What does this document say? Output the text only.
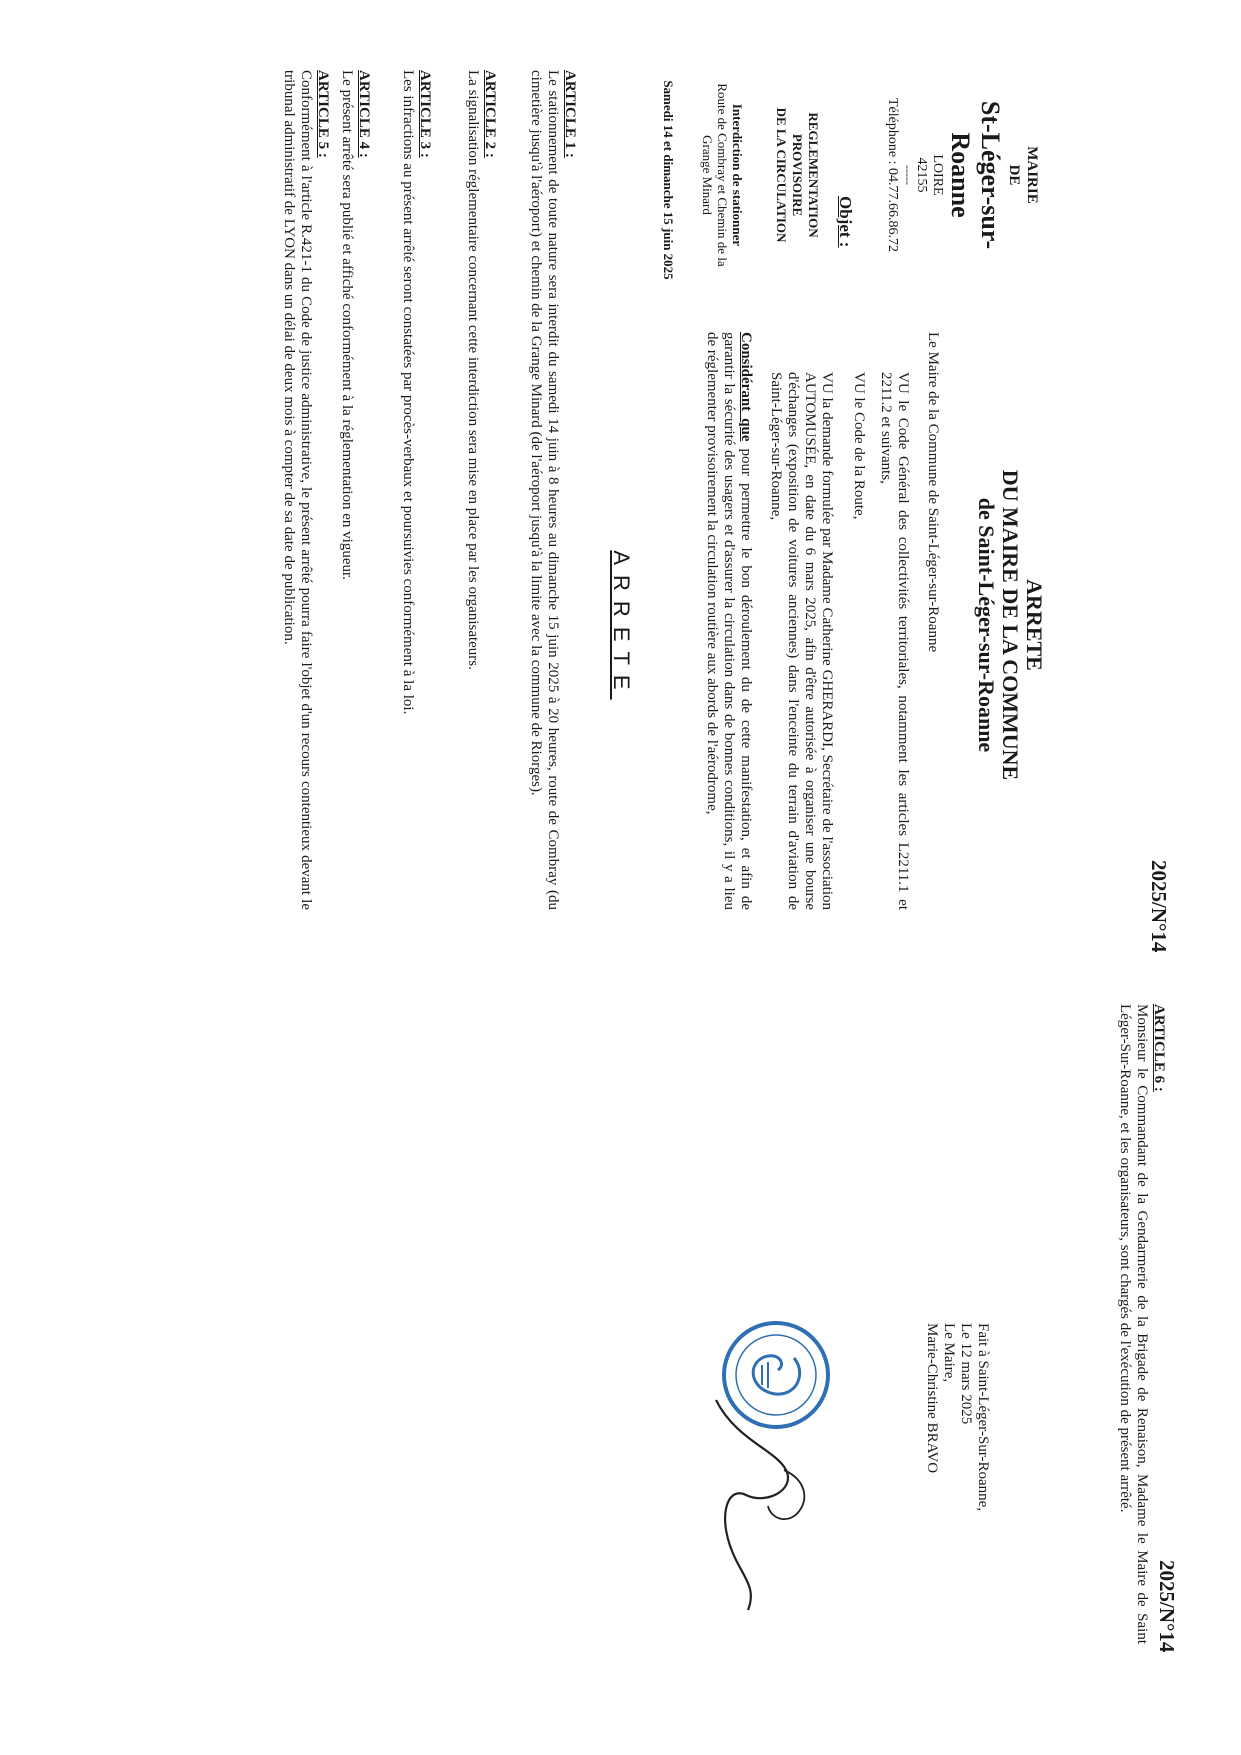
2025/N°14
MAIRIE
DE
St-Léger-sur-Roanne
LOIRE
42155
-----
Téléphone : 04.77.66.86.72
Objet :
REGLEMENTATION
PROVISOIRE
DE LA CIRCULATION
Interdiction de stationner
Route de Combray et Chemin de la
Grange Minard
Samedi 14 et dimanche 15 juin 2025
ARRETE
DU MAIRE DE LA COMMUNE
de Saint-Léger-sur-Roanne
Le Maire de la Commune de Saint-Léger-sur-Roanne
VU le Code Général des collectivités territoriales, notamment les articles L2211.1 et 2211.2 et suivants,
VU le Code de la Route,
VU la demande formulée par Madame Catherine GHERARDI, Secrétaire de l'association AUTOMUSÉE, en date du 6 mars 2025, afin d'être autorisée à organiser une bourse d'échanges (exposition de voitures anciennes) dans l'enceinte du terrain d'aviation de Saint-Léger-sur-Roanne,
Considérant que pour permettre le bon déroulement du de cette manifestation, et afin de garantir la sécurité des usagers et d'assurer la circulation dans de bonnes conditions, il y a lieu de réglementer provisoirement la circulation routière aux abords de l'aérodrome,
ARRETE
ARTICLE 1 :
Le stationnement de toute nature sera interdit du samedi 14 juin à 8 heures au dimanche 15 juin 2025 à 20 heures, route de Combray (du cimetière jusqu'à l'aéroport) et chemin de la Grange Minard (de l'aéroport jusqu'à la limite avec la commune de Riorges).
ARTICLE 2 :
La signalisation réglementaire concernant cette interdiction sera mise en place par les organisateurs.
ARTICLE 3 :
Les infractions au présent arrêté seront constatées par procès-verbaux et poursuivies conformément à la loi.
ARTICLE 4 :
Le présent arrêté sera publié et affiché conformément à la réglementation en vigueur.
ARTICLE 5 :
Conformément à l'article R.421-1 du Code de justice administrative, le présent arrêté pourra faire l'objet d'un recours contentieux devant le tribunal administratif de LYON dans un délai de deux mois à compter de sa date de publication.
2025/N°14
ARTICLE 6 :
Monsieur le Commandant de la Gendarmerie de la Brigade de Renaison, Madame le Maire de Saint Léger-Sur-Roanne, et les organisateurs, sont chargés de l'exécution de présent arrêté.
Fait à Saint-Léger-Sur-Roanne,
Le 12 mars 2025
Le Maire,
Marie-Christine BRAVO
